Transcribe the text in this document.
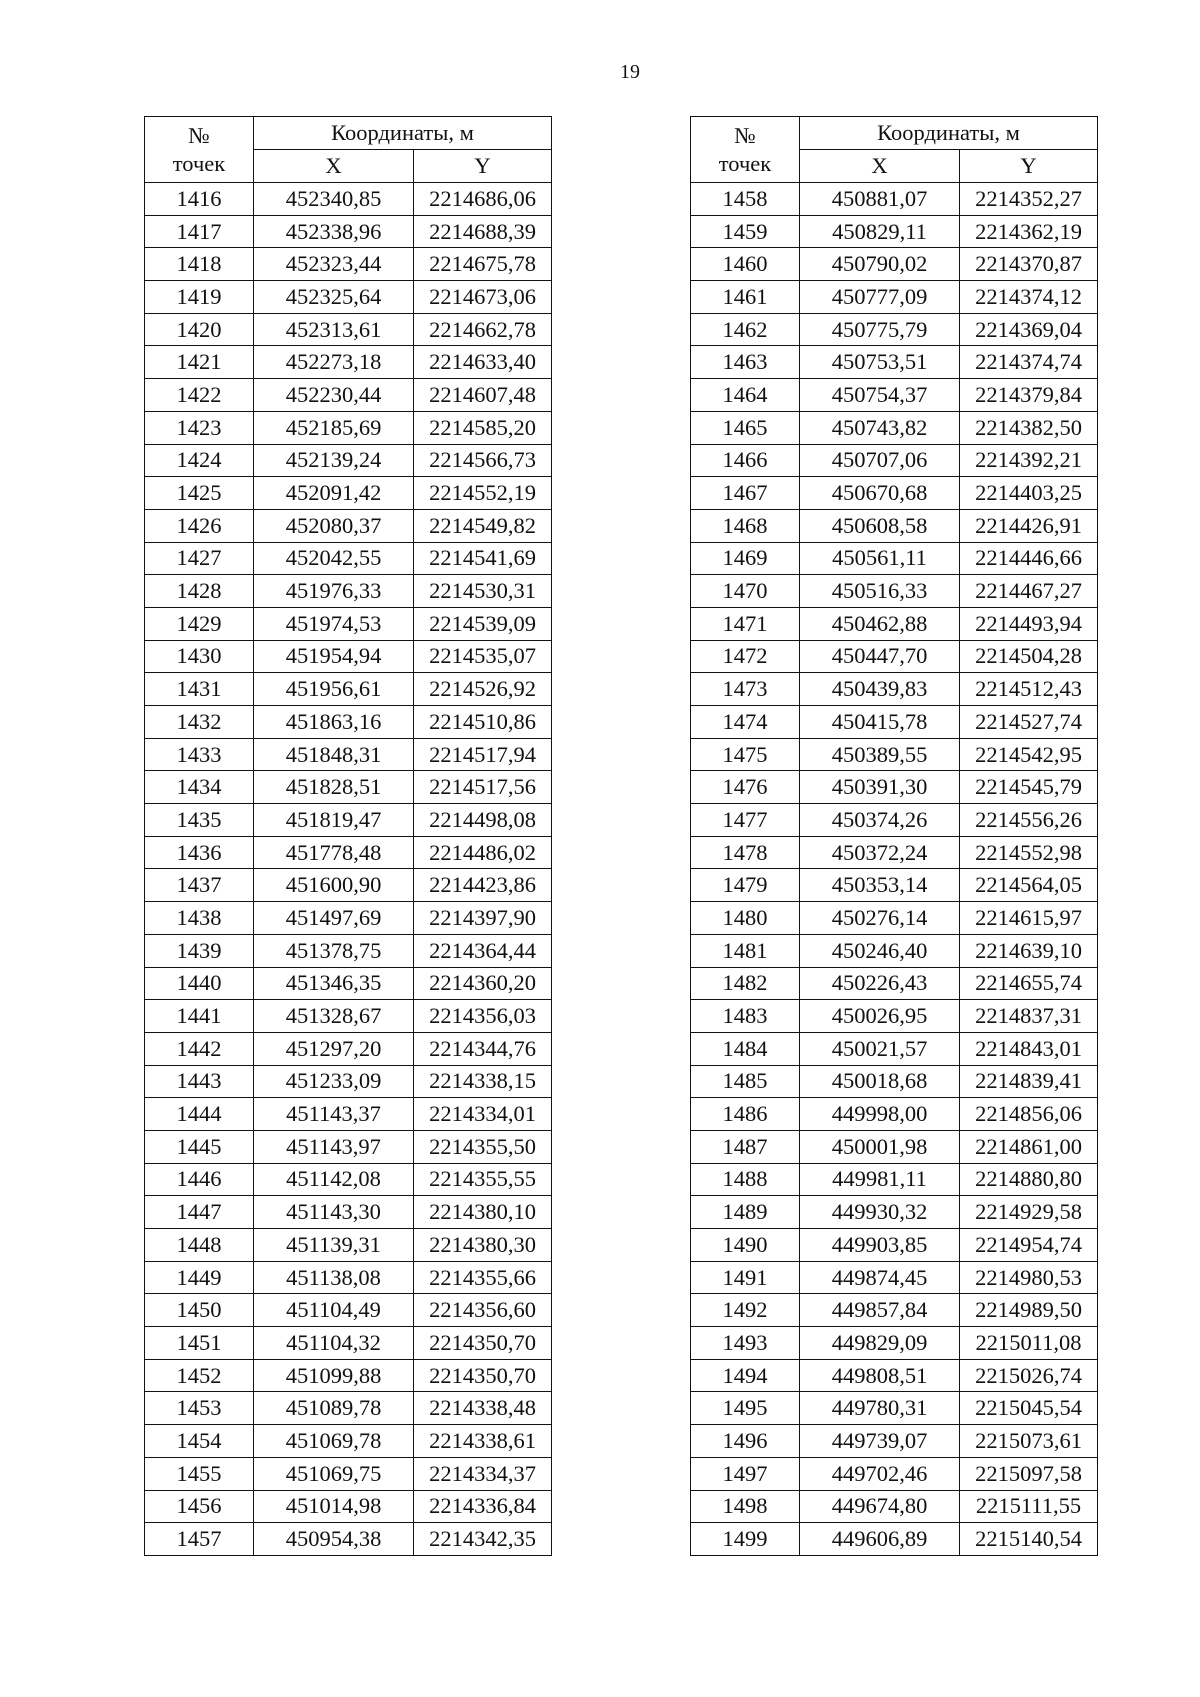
19
№
точек	Координаты, м	
	X	Y
1416	452340,85	2214686,06
1417	452338,96	2214688,39
1418	452323,44	2214675,78
1419	452325,64	2214673,06
1420	452313,61	2214662,78
1421	452273,18	2214633,40
1422	452230,44	2214607,48
1423	452185,69	2214585,20
1424	452139,24	2214566,73
1425	452091,42	2214552,19
1426	452080,37	2214549,82
1427	452042,55	2214541,69
1428	451976,33	2214530,31
1429	451974,53	2214539,09
1430	451954,94	2214535,07
1431	451956,61	2214526,92
1432	451863,16	2214510,86
1433	451848,31	2214517,94
1434	451828,51	2214517,56
1435	451819,47	2214498,08
1436	451778,48	2214486,02
1437	451600,90	2214423,86
1438	451497,69	2214397,90
1439	451378,75	2214364,44
1440	451346,35	2214360,20
1441	451328,67	2214356,03
1442	451297,20	2214344,76
1443	451233,09	2214338,15
1444	451143,37	2214334,01
1445	451143,97	2214355,50
1446	451142,08	2214355,55
1447	451143,30	2214380,10
1448	451139,31	2214380,30
1449	451138,08	2214355,66
1450	451104,49	2214356,60
1451	451104,32	2214350,70
1452	451099,88	2214350,70
1453	451089,78	2214338,48
1454	451069,78	2214338,61
1455	451069,75	2214334,37
1456	451014,98	2214336,84
1457	450954,38	2214342,35
№
точек	Координаты, м	
	X	Y
1458	450881,07	2214352,27
1459	450829,11	2214362,19
1460	450790,02	2214370,87
1461	450777,09	2214374,12
1462	450775,79	2214369,04
1463	450753,51	2214374,74
1464	450754,37	2214379,84
1465	450743,82	2214382,50
1466	450707,06	2214392,21
1467	450670,68	2214403,25
1468	450608,58	2214426,91
1469	450561,11	2214446,66
1470	450516,33	2214467,27
1471	450462,88	2214493,94
1472	450447,70	2214504,28
1473	450439,83	2214512,43
1474	450415,78	2214527,74
1475	450389,55	2214542,95
1476	450391,30	2214545,79
1477	450374,26	2214556,26
1478	450372,24	2214552,98
1479	450353,14	2214564,05
1480	450276,14	2214615,97
1481	450246,40	2214639,10
1482	450226,43	2214655,74
1483	450026,95	2214837,31
1484	450021,57	2214843,01
1485	450018,68	2214839,41
1486	449998,00	2214856,06
1487	450001,98	2214861,00
1488	449981,11	2214880,80
1489	449930,32	2214929,58
1490	449903,85	2214954,74
1491	449874,45	2214980,53
1492	449857,84	2214989,50
1493	449829,09	2215011,08
1494	449808,51	2215026,74
1495	449780,31	2215045,54
1496	449739,07	2215073,61
1497	449702,46	2215097,58
1498	449674,80	2215111,55
1499	449606,89	2215140,54
